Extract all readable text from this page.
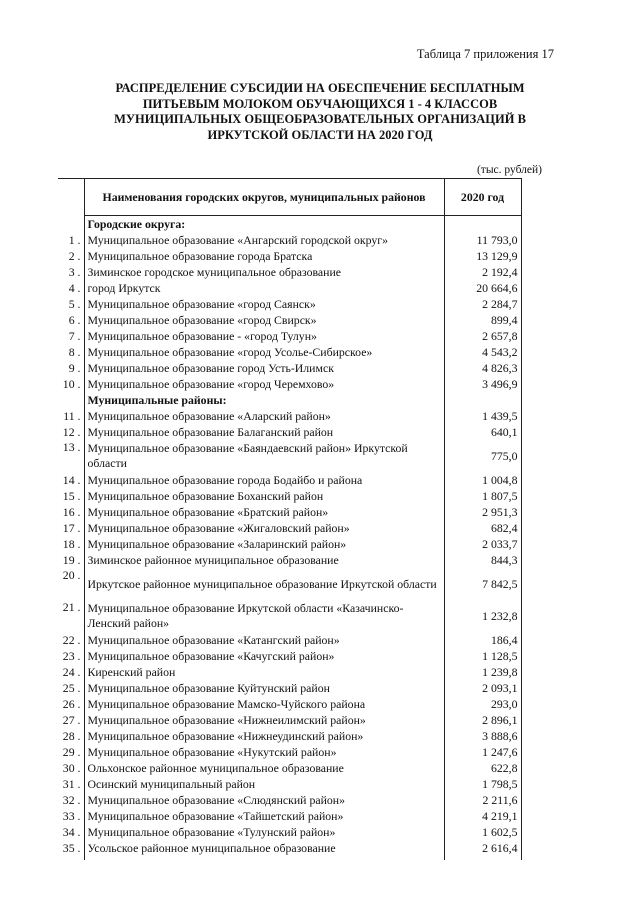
Таблица 7 приложения 17
РАСПРЕДЕЛЕНИЕ СУБСИДИИ НА ОБЕСПЕЧЕНИЕ БЕСПЛАТНЫМ
ПИТЬЕВЫМ МОЛОКОМ ОБУЧАЮЩИХСЯ 1 - 4 КЛАССОВ
МУНИЦИПАЛЬНЫХ ОБЩЕОБРАЗОВАТЕЛЬНЫХ ОРГАНИЗАЦИЙ В
ИРКУТСКОЙ ОБЛАСТИ НА 2020 ГОД
(тыс. рублей)
	Наименования городских округов, муниципальных районов	2020 год
	Городские округа:	
1 .	Муниципальное образование «Ангарский городской округ»	11 793,0
2 .	Муниципальное образование города Братска	13 129,9
3 .	Зиминское городское муниципальное образование	2 192,4
4 .	город Иркутск	20 664,6
5 .	Муниципальное образование «город Саянск»	2 284,7
6 .	Муниципальное образование «город Свирск»	899,4
7 .	Муниципальное образование - «город Тулун»	2 657,8
8 .	Муниципальное образование «город Усолье-Сибирское»	4 543,2
9 .	Муниципальное образование город Усть-Илимск	4 826,3
10 .	Муниципальное образование «город Черемхово»	3 496,9
	Муниципальные районы:	
11 .	Муниципальное образование «Аларский район»	1 439,5
12 .	Муниципальное образование Балаганский район	640,1
13 .	Муниципальное образование «Баяндаевский район» Иркутской области	775,0
14 .	Муниципальное образование города Бодайбо и района	1 004,8
15 .	Муниципальное образование Боханский район	1 807,5
16 .	Муниципальное образование «Братский район»	2 951,3
17 .	Муниципальное образование «Жигаловский район»	682,4
18 .	Муниципальное образование «Заларинский район»	2 033,7
19 .	Зиминское районное муниципальное образование	844,3
20 .	Иркутское районное муниципальное образование Иркутской области	7 842,5
21 .	Муниципальное образование Иркутской области «Казачинско-Ленский район»	1 232,8
22 .	Муниципальное образование «Катангский район»	186,4
23 .	Муниципальное образование «Качугский район»	1 128,5
24 .	Киренский район	1 239,8
25 .	Муниципальное образование Куйтунский район	2 093,1
26 .	Муниципальное образование Мамско-Чуйского района	293,0
27 .	Муниципальное образование «Нижнеилимский район»	2 896,1
28 .	Муниципальное образование «Нижнеудинский район»	3 888,6
29 .	Муниципальное образование «Нукутский район»	1 247,6
30 .	Ольхонское районное муниципальное образование	622,8
31 .	Осинский муниципальный район	1 798,5
32 .	Муниципальное образование «Слюдянский район»	2 211,6
33 .	Муниципальное образование «Тайшетский район»	4 219,1
34 .	Муниципальное образование «Тулунский район»	1 602,5
35 .	Усольское районное муниципальное образование	2 616,4
